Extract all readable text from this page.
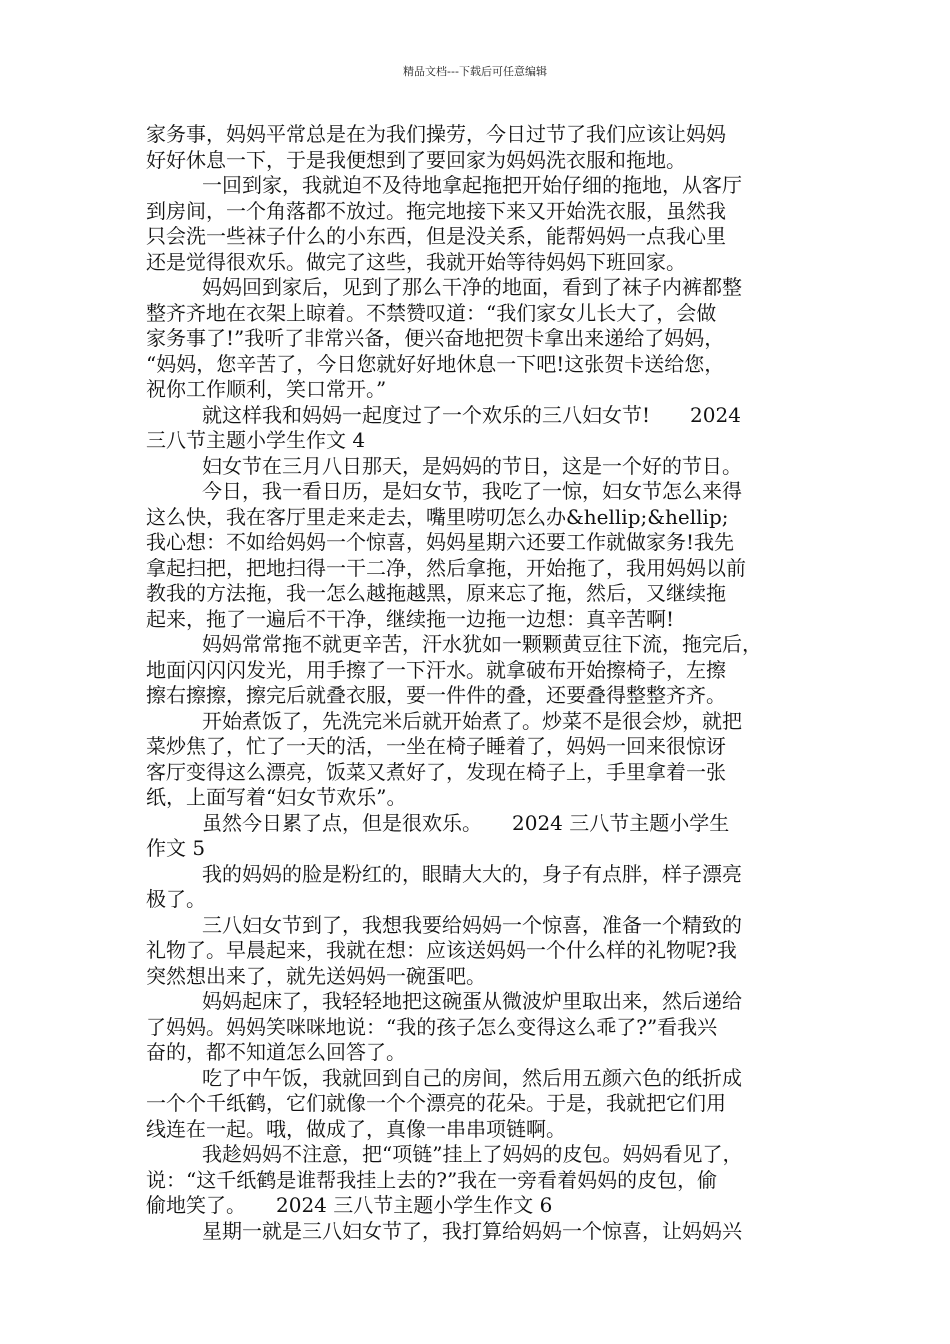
精品文档---下载后可任意编辑
家务事，妈妈平常总是在为我们操劳，今日过节了我们应该让妈妈
好好休息一下，于是我便想到了要回家为妈妈洗衣服和拖地。
一回到家，我就迫不及待地拿起拖把开始仔细的拖地，从客厅
到房间，一个角落都不放过。拖完地接下来又开始洗衣服，虽然我
只会洗一些袜子什么的小东西，但是没关系，能帮妈妈一点我心里
还是觉得很欢乐。做完了这些，我就开始等待妈妈下班回家。
妈妈回到家后，见到了那么干净的地面，看到了袜子内裤都整
整齐齐地在衣架上晾着。不禁赞叹道：“我们家女儿长大了，会做
家务事了!”我听了非常兴备，便兴奋地把贺卡拿出来递给了妈妈，
“妈妈，您辛苦了，今日您就好好地休息一下吧!这张贺卡送给您，
祝你工作顺利，笑口常开。”
就这样我和妈妈一起度过了一个欢乐的三八妇女节!　　2024
三八节主题小学生作文 4
妇女节在三月八日那天，是妈妈的节日，这是一个好的节日。
今日，我一看日历，是妇女节，我吃了一惊，妇女节怎么来得
这么快，我在客厅里走来走去，嘴里唠叨怎么办&hellip;&hellip;
我心想：不如给妈妈一个惊喜，妈妈星期六还要工作就做家务!我先
拿起扫把，把地扫得一干二净，然后拿拖，开始拖了，我用妈妈以前
教我的方法拖，我一怎么越拖越黑，原来忘了拖，然后，又继续拖
起来，拖了一遍后不干净，继续拖一边拖一边想：真辛苦啊!
妈妈常常拖不就更辛苦，汗水犹如一颗颗黄豆往下流，拖完后，
地面闪闪闪发光，用手擦了一下汗水。就拿破布开始擦椅子，左擦
擦右擦擦，擦完后就叠衣服，要一件件的叠，还要叠得整整齐齐。
开始煮饭了，先洗完米后就开始煮了。炒菜不是很会炒，就把
菜炒焦了，忙了一天的活，一坐在椅子睡着了，妈妈一回来很惊讶
客厅变得这么漂亮，饭菜又煮好了，发现在椅子上，手里拿着一张
纸，上面写着“妇女节欢乐”。
虽然今日累了点，但是很欢乐。　　2024 三八节主题小学生
作文 5
我的妈妈的脸是粉红的，眼睛大大的，身子有点胖，样子漂亮
极了。
三八妇女节到了，我想我要给妈妈一个惊喜，准备一个精致的
礼物了。早晨起来，我就在想：应该送妈妈一个什么样的礼物呢?我
突然想出来了，就先送妈妈一碗蛋吧。
妈妈起床了，我轻轻地把这碗蛋从微波炉里取出来，然后递给
了妈妈。妈妈笑咪咪地说：“我的孩子怎么变得这么乖了?”看我兴
奋的，都不知道怎么回答了。
吃了中午饭，我就回到自己的房间，然后用五颜六色的纸折成
一个个千纸鹤，它们就像一个个漂亮的花朵。于是，我就把它们用
线连在一起。哦，做成了，真像一串串项链啊。
我趁妈妈不注意，把“项链”挂上了妈妈的皮包。妈妈看见了，
说：“这千纸鹤是谁帮我挂上去的?”我在一旁看着妈妈的皮包，偷
偷地笑了。　　2024 三八节主题小学生作文 6
星期一就是三八妇女节了，我打算给妈妈一个惊喜，让妈妈兴
